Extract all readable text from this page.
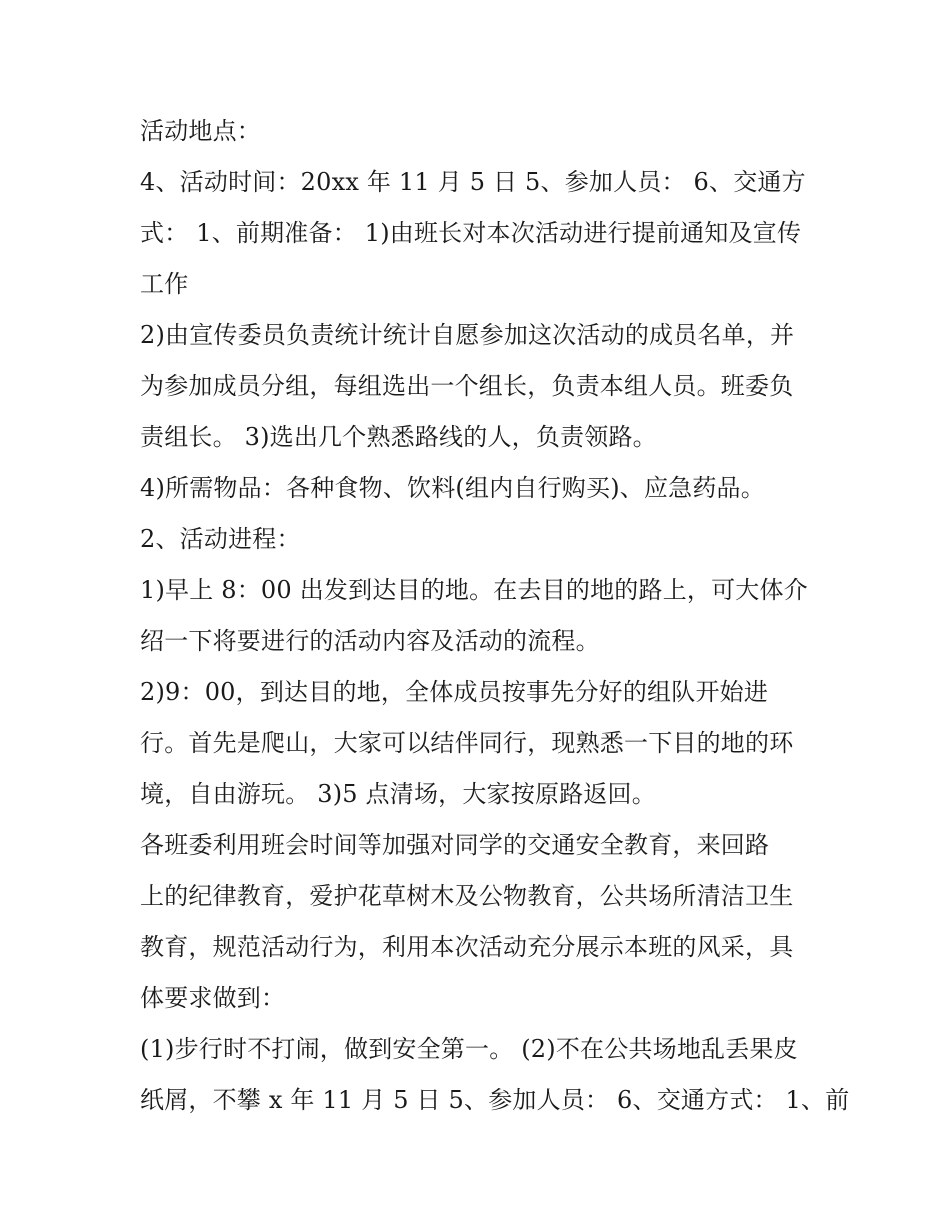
活动地点：
4、活动时间：20xx 年 11 月 5 日 5、参加人员： 6、交通方
式： 1、前期准备： 1)由班长对本次活动进行提前通知及宣传
工作
2)由宣传委员负责统计统计自愿参加这次活动的成员名单，并
为参加成员分组，每组选出一个组长，负责本组人员。班委负
责组长。 3)选出几个熟悉路线的人，负责领路。
4)所需物品：各种食物、饮料(组内自行购买)、应急药品。
2、活动进程：
1)早上 8：00 出发到达目的地。在去目的地的路上，可大体介
绍一下将要进行的活动内容及活动的流程。
2)9：00，到达目的地，全体成员按事先分好的组队开始进
行。首先是爬山，大家可以结伴同行，现熟悉一下目的地的环
境，自由游玩。 3)5 点清场，大家按原路返回。
各班委利用班会时间等加强对同学的交通安全教育，来回路
上的纪律教育，爱护花草树木及公物教育，公共场所清洁卫生
教育，规范活动行为，利用本次活动充分展示本班的风采，具
体要求做到：
(1)步行时不打闹，做到安全第一。 (2)不在公共场地乱丢果皮
纸屑，不攀 x 年 11 月 5 日 5、参加人员： 6、交通方式： 1、前
